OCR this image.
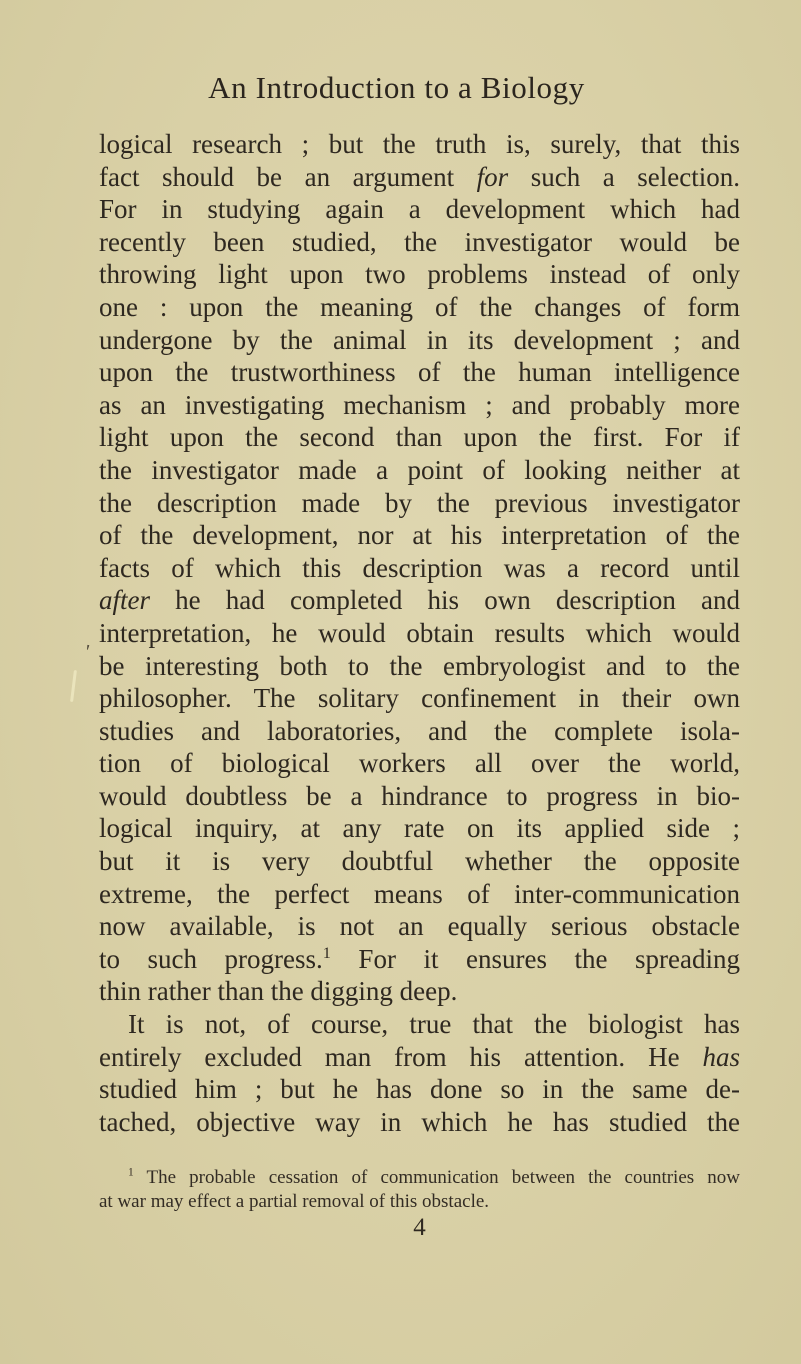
An Introduction to a Biology
logical research ; but the truth is, surely, that this
fact should be an argument for such a selection.
For in studying again a development which had
recently been studied, the investigator would be
throwing light upon two problems instead of only
one : upon the meaning of the changes of form
undergone by the animal in its development ; and
upon the trustworthiness of the human intelligence
as an investigating mechanism ; and probably more
light upon the second than upon the first. For if
the investigator made a point of looking neither at
the description made by the previous investigator
of the development, nor at his interpretation of the
facts of which this description was a record until
after he had completed his own description and
interpretation, he would obtain results which would
be interesting both to the embryologist and to the
philosopher. The solitary confinement in their own
studies and laboratories, and the complete isola-
tion of biological workers all over the world,
would doubtless be a hindrance to progress in bio-
logical inquiry, at any rate on its applied side ;
but it is very doubtful whether the opposite
extreme, the perfect means of inter-communication
now available, is not an equally serious obstacle
to such progress.$^1$ For it ensures the spreading
thin rather than the digging deep.
It is not, of course, true that the biologist has
entirely excluded man from his attention. He has
studied him ; but he has done so in the same de-
tached, objective way in which he has studied the
$^1$ The probable cessation of communication between the countries now
at war may effect a partial removal of this obstacle.
4
'
